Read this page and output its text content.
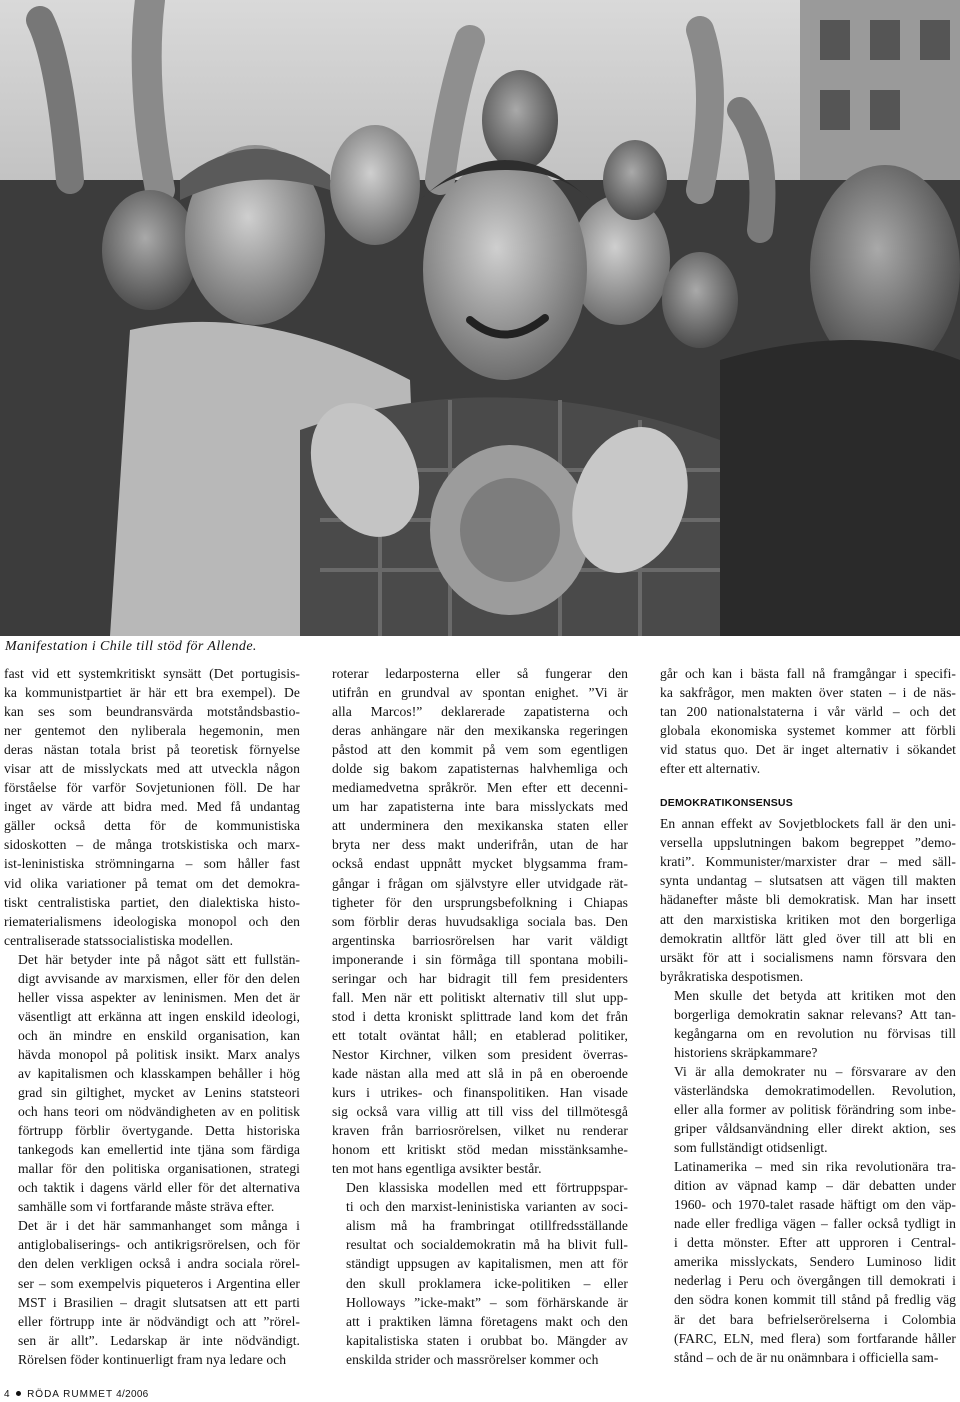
Manifestation i Chile till stöd för Allende.

fast vid ett systemkritiskt synsätt (Det portugisis-
ka kommunistpartiet är här ett bra exempel). De
kan ses som beundransvärda motståndsbastio-
ner gentemot den nyliberala hegemonin, men
deras nästan totala brist på teoretisk förnyelse
visar att de misslyckats med att utveckla någon
förståelse för varför Sovjetunionen föll. De har
inget av värde att bidra med. Med få undantag
gäller också detta för de kommunistiska
sidoskotten – de många trotskistiska och marx-
ist-leninistiska strömningarna – som håller fast
vid olika variationer på temat om det demokra-
tiskt centralistiska partiet, den dialektiska histo-
riematerialismens ideologiska monopol och den
centraliserade statssocialistiska modellen.

Det här betyder inte på något sätt ett fullstän-
digt avvisande av marxismen, eller för den delen
heller vissa aspekter av leninismen. Men det är
väsentligt att erkänna att ingen enskild ideologi,
och än mindre en enskild organisation, kan
hävda monopol på politisk insikt. Marx analys
av kapitalismen och klasskampen behåller i hög
grad sin giltighet, mycket av Lenins statsteori
och hans teori om nödvändigheten av en politisk
förtrupp förblir övertygande. Detta historiska
tankegods kan emellertid inte tjäna som färdiga
mallar för den politiska organisationen, strategi
och taktik i dagens värld eller för det alternativa
samhälle som vi fortfarande måste sträva efter.

Det är i det här sammanhanget som många i
antiglobaliserings- och antikrigsrörelsen, och för
den delen verkligen också i andra sociala rörel-
ser – som exempelvis piqueteros i Argentina eller
MST i Brasilien – dragit slutsatsen att ett parti
eller förtrupp inte är nödvändigt och att ”rörel-
sen är allt”. Ledarskap är inte nödvändigt.
Rörelsen föder kontinuerligt fram nya ledare och

roterar ledarposterna eller så fungerar den
utifrån en grundval av spontan enighet. ”Vi är
alla Marcos!” deklarerade zapatisterna och
deras anhängare när den mexikanska regeringen
påstod att den kommit på vem som egentligen
dolde sig bakom zapatisternas halvhemliga och
mediamedvetna språkrör. Men efter ett decenni-
um har zapatisterna inte bara misslyckats med
att underminera den mexikanska staten eller
bryta ner dess makt underifrån, utan de har
också endast uppnått mycket blygsamma fram-
gångar i frågan om självstyre eller utvidgade rät-
tigheter för den ursprungsbefolkning i Chiapas
som förblir deras huvudsakliga sociala bas. Den
argentinska barriosrörelsen har varit väldigt
imponerande i sin förmåga till spontana mobili-
seringar och har bidragit till fem presidenters
fall. Men när ett politiskt alternativ till slut upp-
stod i detta kroniskt splittrade land kom det från
ett totalt oväntat håll; en etablerad politiker,
Nestor Kirchner, vilken som president överras-
kade nästan alla med att slå in på en oberoende
kurs i utrikes- och finanspolitiken. Han visade
sig också vara villig att till viss del tillmötesgå
kraven från barriosrörelsen, vilket nu renderar
honom ett kritiskt stöd medan misstänksamhe-
ten mot hans egentliga avsikter består.

Den klassiska modellen med ett förtruppspar-
ti och den marxist-leninistiska varianten av soci-
alism må ha frambringat otillfredsställande
resultat och socialdemokratin må ha blivit full-
ständigt uppsugen av kapitalismen, men att för
den skull proklamera icke-politiken – eller
Holloways ”icke-makt” – som förhärskande är
att i praktiken lämna företagens makt och den
kapitalistiska staten i orubbat bo. Mängder av
enskilda strider och massrörelser kommer och

går och kan i bästa fall nå framgångar i specifi-
ka sakfrågor, men makten över staten – i de näs-
tan 200 nationalstaterna i vår värld – och det
globala ekonomiska systemet kommer att förbli
vid status quo. Det är inget alternativ i sökandet
efter ett alternativ.

DEMOKRATIKONSENSUS

En annan effekt av Sovjetblockets fall är den uni-
versella uppslutningen bakom begreppet ”demo-
krati”. Kommunister/marxister drar – med säll-
synta undantag – slutsatsen att vägen till makten
hädanefter måste bli demokratisk. Man har insett
att den marxistiska kritiken mot den borgerliga
demokratin alltför lätt gled över till att bli en
ursäkt för att i socialismens namn försvara den
byråkratiska despotismen.

Men skulle det betyda att kritiken mot den
borgerliga demokratin saknar relevans? Att tan-
kegångarna om en revolution nu förvisas till
historiens skräpkammare?

Vi är alla demokrater nu – försvarare av den
västerländska demokratimodellen. Revolution,
eller alla former av politisk förändring som inbe-
griper våldsanvändning eller direkt aktion, ses
som fullständigt otidsenligt.

Latinamerika – med sin rika revolutionära tra-
dition av väpnad kamp – där debatten under
1960- och 1970-talet rasade häftigt om den väp-
nade eller fredliga vägen – faller också tydligt in
i detta mönster. Efter att upproren i Central-
amerika misslyckats, Sendero Luminoso lidit
nederlag i Peru och övergången till demokrati i
den södra konen kommit till stånd på fredlig väg
är det bara befrielserörelserna i Colombia
(FARC, ELN, med flera) som fortfarande håller
stånd – och de är nu onämnbara i officiella sam-

4 RÖDA RUMMET 4/2006
